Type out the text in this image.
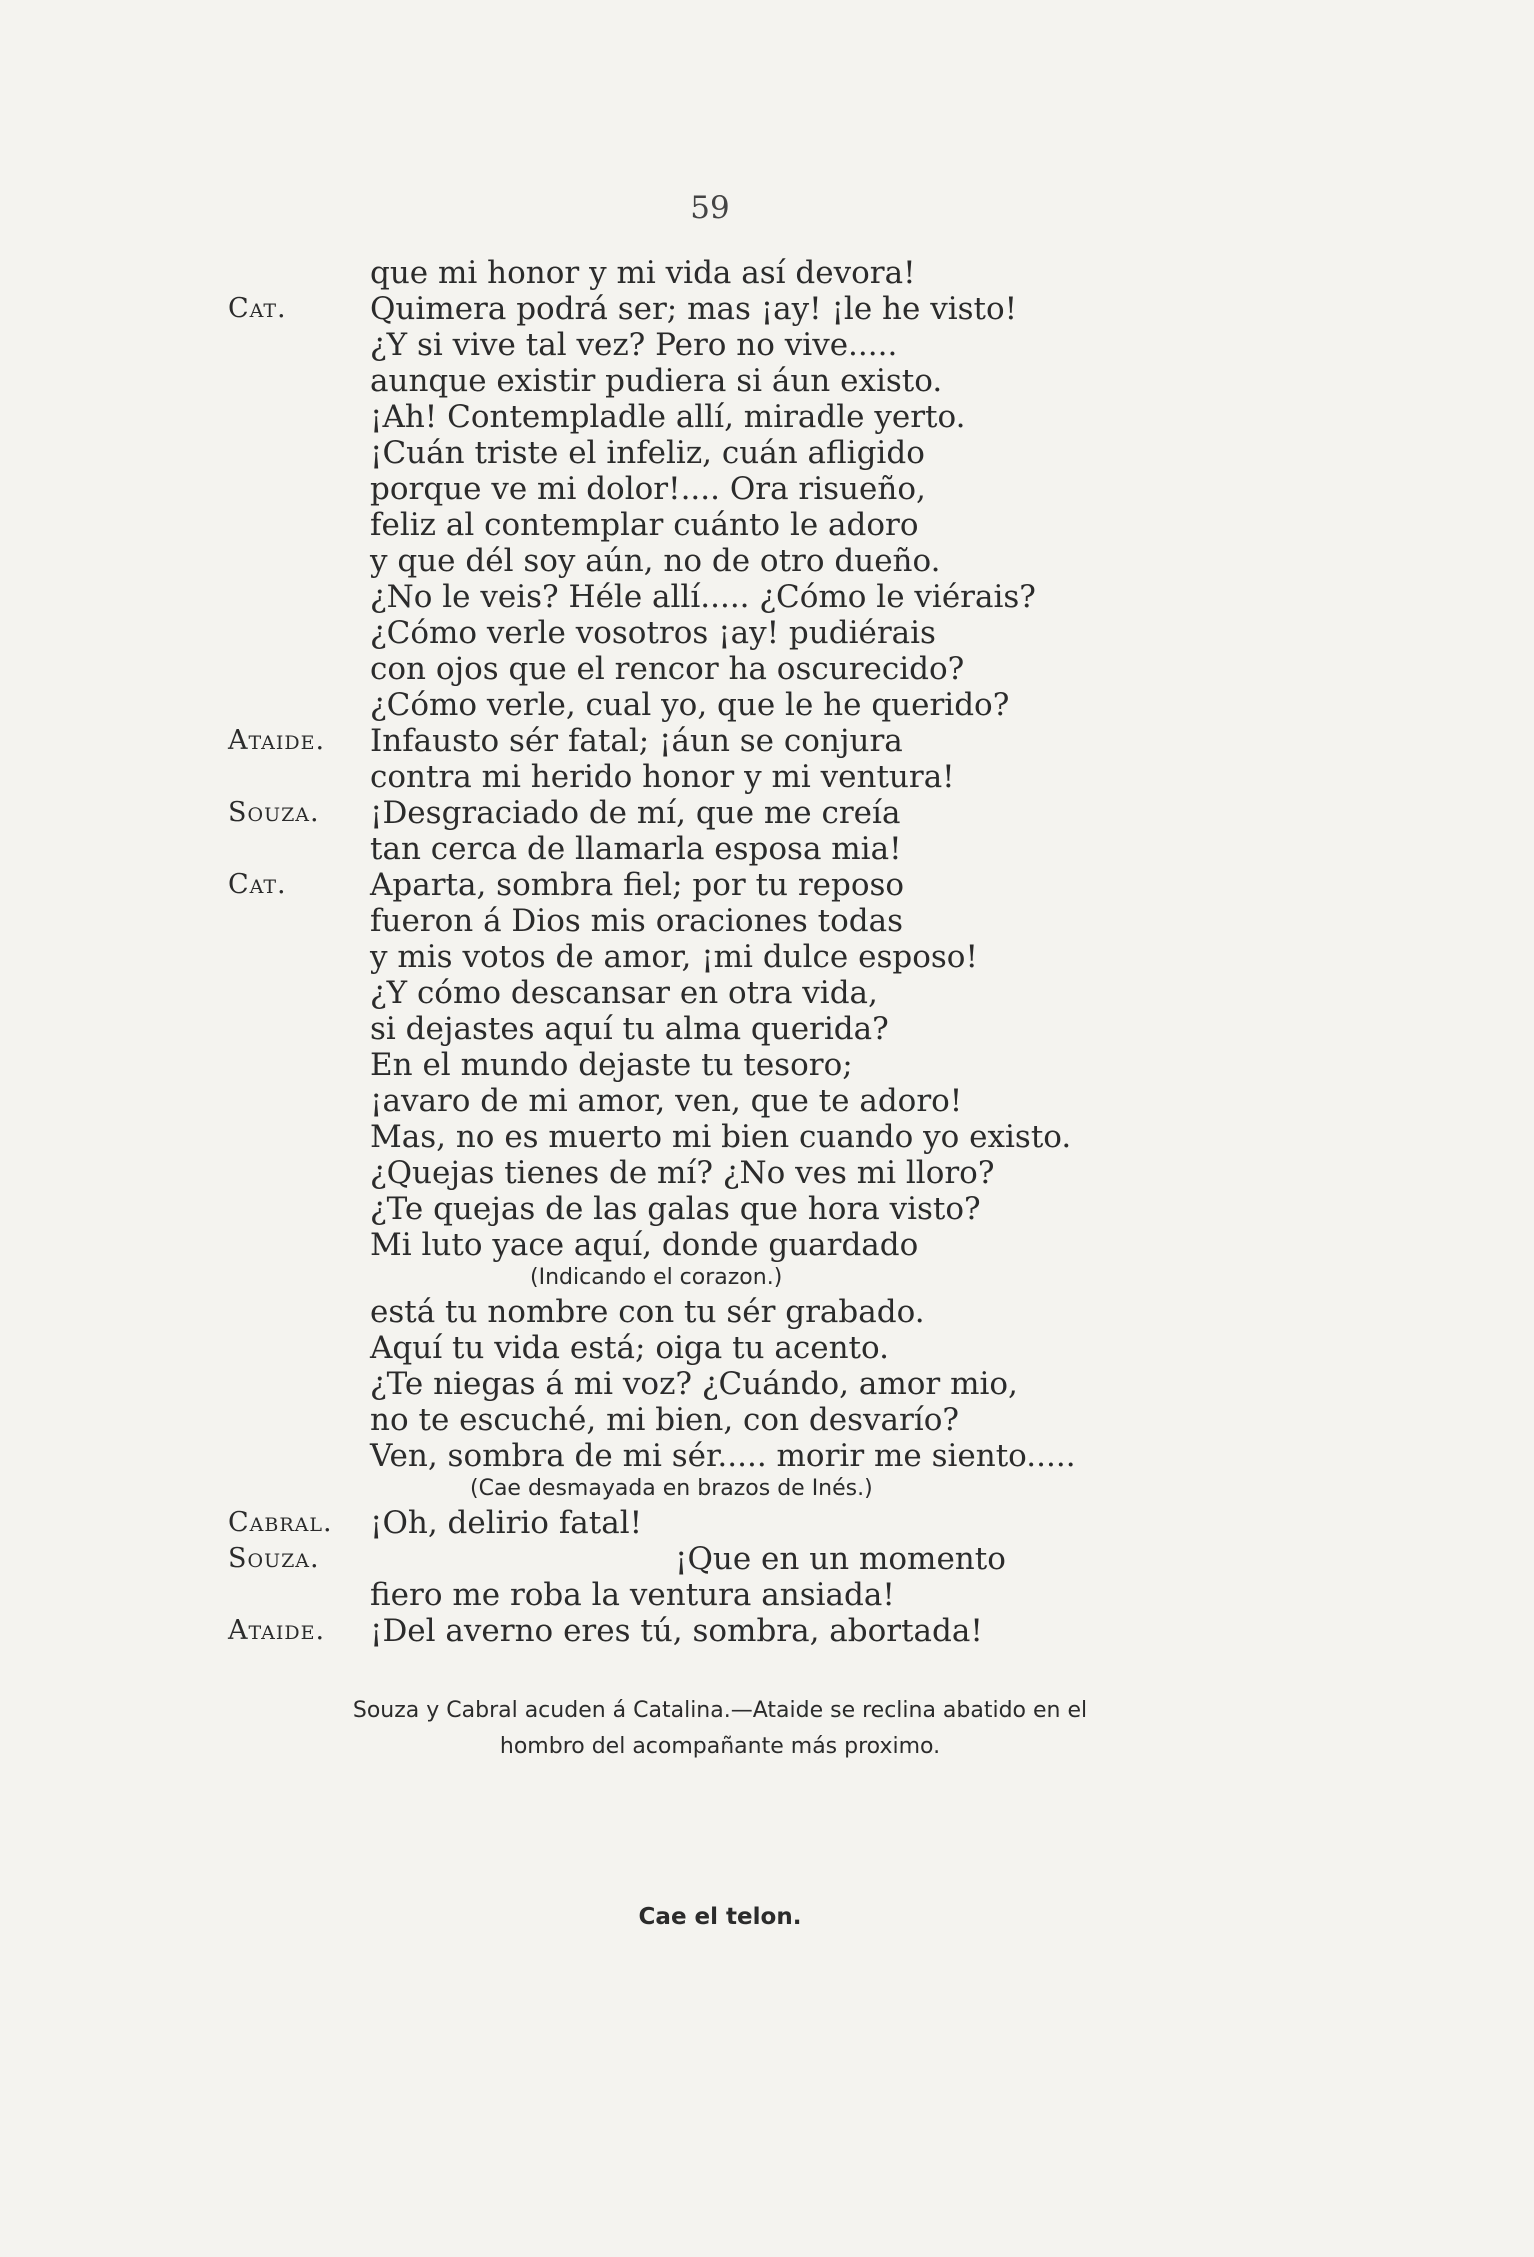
59
que mi honor y mi vida así devora!
Cat.	Quimera podrá ser; mas ¡ay! ¡le he visto!
¿Y si vive tal vez? Pero no vive.....
aunque existir pudiera si áun existo.
¡Ah! Contempladle allí, miradle yerto.
¡Cuán triste el infeliz, cuán afligido
porque ve mi dolor!.... Ora risueño,
feliz al contemplar cuánto le adoro
y que dél soy aún, no de otro dueño.
¿No le veis? Héle allí..... ¿Cómo le viérais?
¿Cómo verle vosotros ¡ay! pudiérais
con ojos que el rencor ha oscurecido?
¿Cómo verle, cual yo, que le he querido?
Ataide. Infausto sér fatal; ¡áun se conjura
contra mi herido honor y mi ventura!
Souza. ¡Desgraciado de mí, que me creía
tan cerca de llamarla esposa mia!
Cat.	Aparta, sombra fiel; por tu reposo
fueron á Dios mis oraciones todas
y mis votos de amor, ¡mi dulce esposo!
¿Y cómo descansar en otra vida,
si dejastes aquí tu alma querida?
En el mundo dejaste tu tesoro;
¡avaro de mi amor, ven, que te adoro!
Mas, no es muerto mi bien cuando yo existo.
¿Quejas tienes de mí? ¿No ves mi lloro?
¿Te quejas de las galas que hora visto?
Mi luto yace aquí, donde guardado
(Indicando el corazon.)
está tu nombre con tu sér grabado.
Aquí tu vida está; oiga tu acento.
¿Te niegas á mi voz? ¿Cuándo, amor mio,
no te escuché, mi bien, con desvarío?
Ven, sombra de mi sér..... morir me siento.....
(Cae desmayada en brazos de Inés.)
Cabral. ¡Oh, delirio fatal!
Souza.	¡Que en un momento
fiero me roba la ventura ansiada!
Ataide. ¡Del averno eres tú, sombra, abortada!
Souza y Cabral acuden á Catalina.—Ataide se reclina abatido en el
hombro del acompañante más proximo.
Cae el telon.
